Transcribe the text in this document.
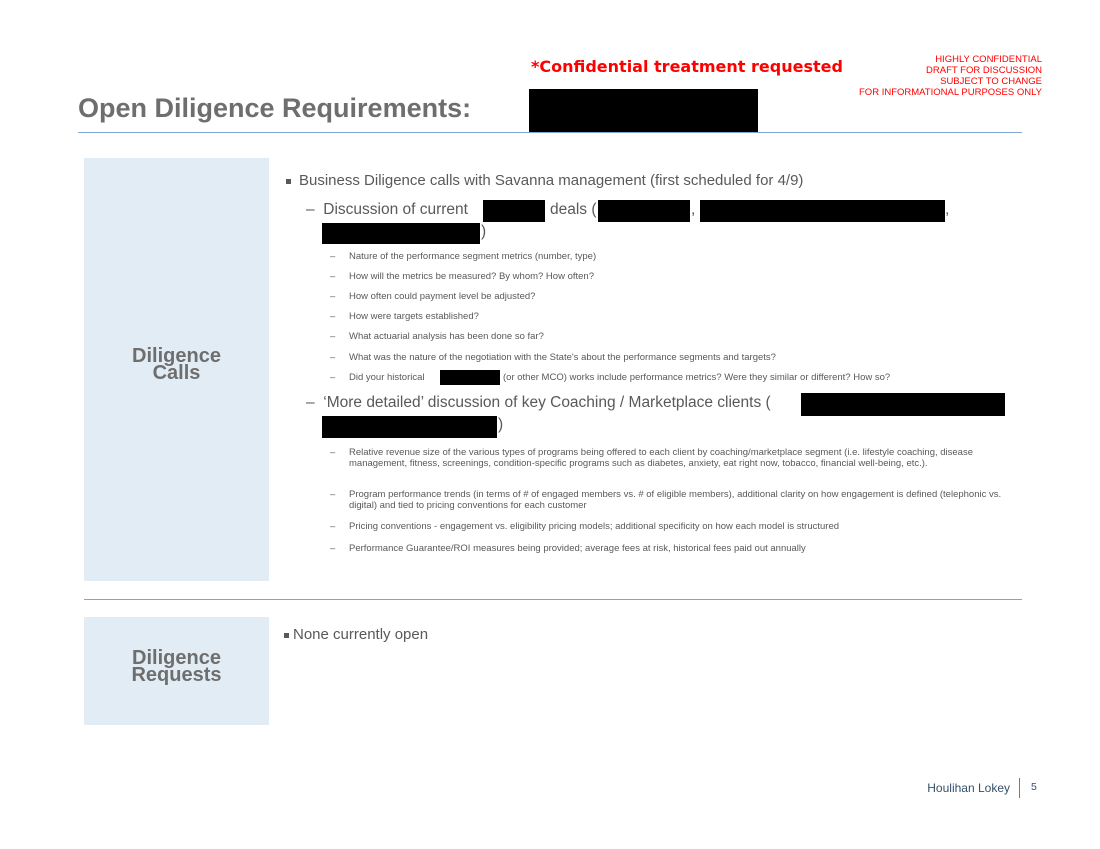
*Confidential treatment requested	HIGHLY CONFIDENTIAL
DRAFT FOR DISCUSSION
SUBJECT TO CHANGE
FOR INFORMATIONAL PURPOSES ONLY
Open Diligence Requirements:
Diligence Calls
Business Diligence calls with Savanna management (first scheduled for 4/9)
– Discussion of current	deals (	,	,
)
– Nature of the performance segment metrics (number, type)
– How will the metrics be measured? By whom? How often?
– How often could payment level be adjusted?
– How were targets established?
– What actuarial analysis has been done so far?
– What was the nature of the negotiation with the State's about the performance segments and targets?
– Did your historical	(or other MCO) works include performance metrics? Were they similar or different? How so?
– ‘More detailed’ discussion of key Coaching / Marketplace clients (
)
– Relative revenue size of the various types of programs being offered to each client by coaching/marketplace segment (i.e. lifestyle coaching, disease management, fitness, screenings, condition-specific programs such as diabetes, anxiety, eat right now, tobacco, financial well-being, etc.).
– Program performance trends (in terms of # of engaged members vs. # of eligible members), additional clarity on how engagement is defined (telephonic vs. digital) and tied to pricing conventions for each customer
– Pricing conventions - engagement vs. eligibility pricing models; additional specificity on how each model is structured
– Performance Guarantee/ROI measures being provided; average fees at risk, historical fees paid out annually
Diligence Requests
None currently open
Houlihan Lokey 5
